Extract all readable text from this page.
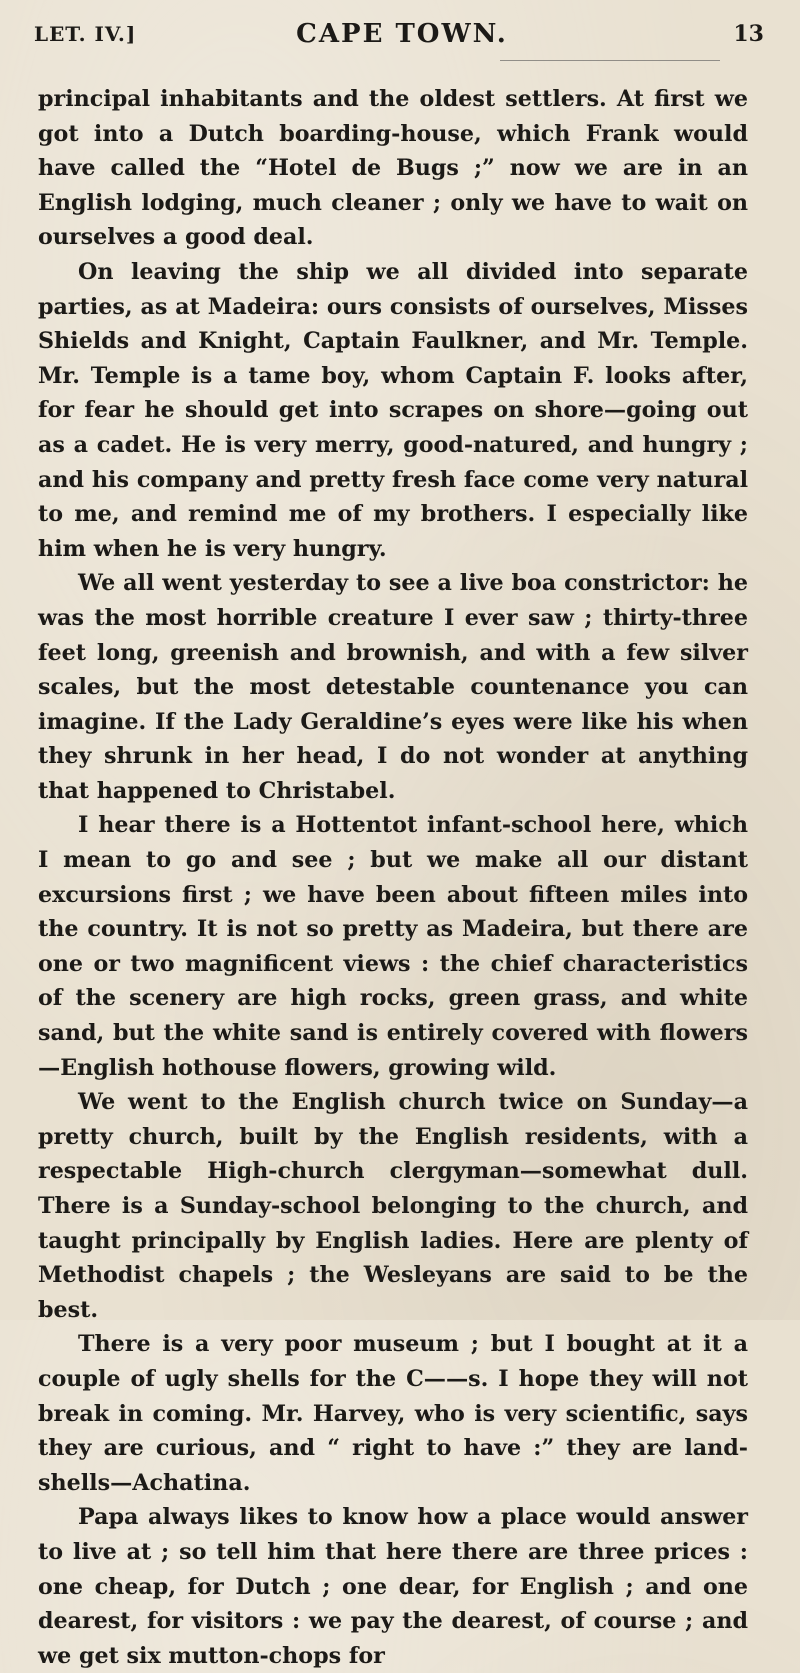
LET. IV.]	CAPE TOWN.	13

principal inhabitants and the oldest settlers. At first we got into a Dutch boarding-house, which Frank would have called the “Hotel de Bugs ;” now we are in an English lodging, much cleaner ; only we have to wait on ourselves a good deal.

On leaving the ship we all divided into separate parties, as at Madeira: ours consists of ourselves, Misses Shields and Knight, Captain Faulkner, and Mr. Temple. Mr. Temple is a tame boy, whom Captain F. looks after, for fear he should get into scrapes on shore—going out as a cadet. He is very merry, good-natured, and hungry ; and his company and pretty fresh face come very natural to me, and remind me of my brothers. I especially like him when he is very hungry.

We all went yesterday to see a live boa constrictor: he was the most horrible creature I ever saw ; thirty-three feet long, greenish and brownish, and with a few silver scales, but the most detestable countenance you can imagine. If the Lady Geraldine’s eyes were like his when they shrunk in her head, I do not wonder at anything that happened to Christabel.

I hear there is a Hottentot infant-school here, which I mean to go and see ; but we make all our distant excursions first ; we have been about fifteen miles into the country. It is not so pretty as Madeira, but there are one or two magnificent views : the chief characteristics of the scenery are high rocks, green grass, and white sand, but the white sand is entirely covered with flowers—English hothouse flowers, growing wild.

We went to the English church twice on Sunday—a pretty church, built by the English residents, with a respectable High-church clergyman—somewhat dull. There is a Sunday-school belonging to the church, and taught principally by English ladies. Here are plenty of Methodist chapels ; the Wesleyans are said to be the best.

There is a very poor museum ; but I bought at it a couple of ugly shells for the C——s. I hope they will not break in coming. Mr. Harvey, who is very scientific, says they are curious, and “ right to have :” they are land-shells—Achatina.

Papa always likes to know how a place would answer to live at ; so tell him that here there are three prices : one cheap, for Dutch ; one dear, for English ; and one dearest, for visitors : we pay the dearest, of course ; and we get six mutton-chops for
